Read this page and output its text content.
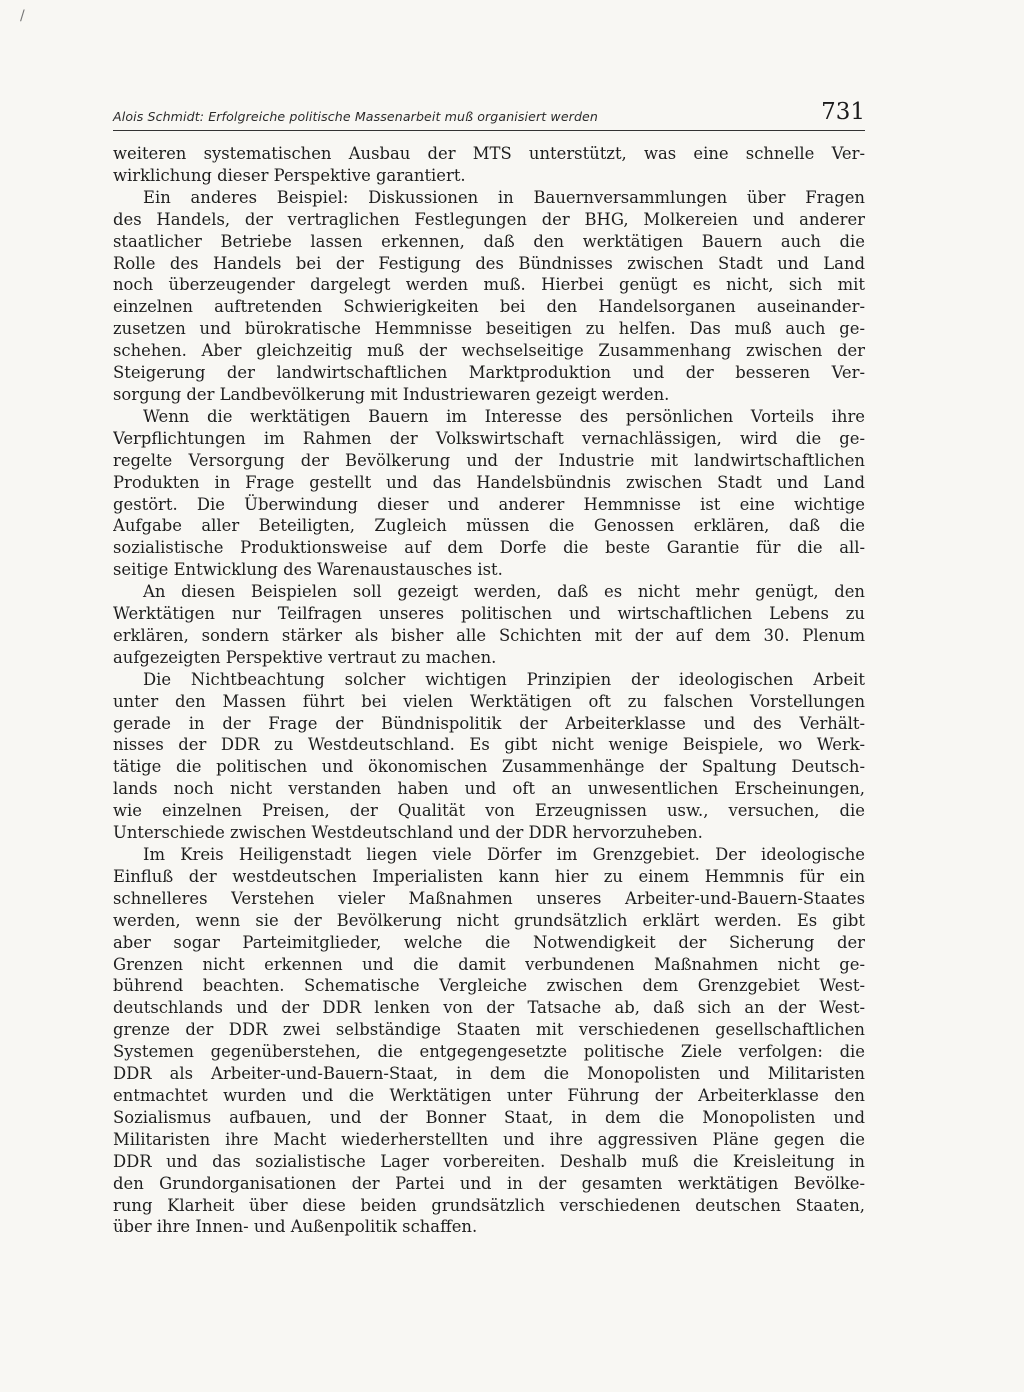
/
Alois Schmidt: Erfolgreiche politische Massenarbeit muß organisiert werden	731
weiteren systematischen Ausbau der MTS unterstützt, was eine schnelle Ver-
wirklichung dieser Perspektive garantiert.
Ein anderes Beispiel: Diskussionen in Bauernversammlungen über Fragen
des Handels, der vertraglichen Festlegungen der BHG, Molkereien und anderer
staatlicher Betriebe lassen erkennen, daß den werktätigen Bauern auch die
Rolle des Handels bei der Festigung des Bündnisses zwischen Stadt und Land
noch überzeugender dargelegt werden muß. Hierbei genügt es nicht, sich mit
einzelnen auftretenden Schwierigkeiten bei den Handelsorganen auseinander-
zusetzen und bürokratische Hemmnisse beseitigen zu helfen. Das muß auch ge-
schehen. Aber gleichzeitig muß der wechselseitige Zusammenhang zwischen der
Steigerung der landwirtschaftlichen Marktproduktion und der besseren Ver-
sorgung der Landbevölkerung mit Industriewaren gezeigt werden.
Wenn die werktätigen Bauern im Interesse des persönlichen Vorteils ihre
Verpflichtungen im Rahmen der Volkswirtschaft vernachlässigen, wird die ge-
regelte Versorgung der Bevölkerung und der Industrie mit landwirtschaftlichen
Produkten in Frage gestellt und das Handelsbündnis zwischen Stadt und Land
gestört. Die Überwindung dieser und anderer Hemmnisse ist eine wichtige
Aufgabe aller Beteiligten, Zugleich müssen die Genossen erklären, daß die
sozialistische Produktionsweise auf dem Dorfe die beste Garantie für die all-
seitige Entwicklung des Warenaustausches ist.
An diesen Beispielen soll gezeigt werden, daß es nicht mehr genügt, den
Werktätigen nur Teilfragen unseres politischen und wirtschaftlichen Lebens zu
erklären, sondern stärker als bisher alle Schichten mit der auf dem 30. Plenum
aufgezeigten Perspektive vertraut zu machen.
Die Nichtbeachtung solcher wichtigen Prinzipien der ideologischen Arbeit
unter den Massen führt bei vielen Werktätigen oft zu falschen Vorstellungen
gerade in der Frage der Bündnispolitik der Arbeiterklasse und des Verhält-
nisses der DDR zu Westdeutschland. Es gibt nicht wenige Beispiele, wo Werk-
tätige die politischen und ökonomischen Zusammenhänge der Spaltung Deutsch-
lands noch nicht verstanden haben und oft an unwesentlichen Erscheinungen,
wie einzelnen Preisen, der Qualität von Erzeugnissen usw., versuchen, die
Unterschiede zwischen Westdeutschland und der DDR hervorzuheben.
Im Kreis Heiligenstadt liegen viele Dörfer im Grenzgebiet. Der ideologische
Einfluß der westdeutschen Imperialisten kann hier zu einem Hemmnis für ein
schnelleres Verstehen vieler Maßnahmen unseres Arbeiter-und-Bauern-Staates
werden, wenn sie der Bevölkerung nicht grundsätzlich erklärt werden. Es gibt
aber sogar Parteimitglieder, welche die Notwendigkeit der Sicherung der
Grenzen nicht erkennen und die damit verbundenen Maßnahmen nicht ge-
bührend beachten. Schematische Vergleiche zwischen dem Grenzgebiet West-
deutschlands und der DDR lenken von der Tatsache ab, daß sich an der West-
grenze der DDR zwei selbständige Staaten mit verschiedenen gesellschaftlichen
Systemen gegenüberstehen, die entgegengesetzte politische Ziele verfolgen: die
DDR als Arbeiter-und-Bauern-Staat, in dem die Monopolisten und Militaristen
entmachtet wurden und die Werktätigen unter Führung der Arbeiterklasse den
Sozialismus aufbauen, und der Bonner Staat, in dem die Monopolisten und
Militaristen ihre Macht wiederherstellten und ihre aggressiven Pläne gegen die
DDR und das sozialistische Lager vorbereiten. Deshalb muß die Kreisleitung in
den Grundorganisationen der Partei und in der gesamten werktätigen Bevölke-
rung Klarheit über diese beiden grundsätzlich verschiedenen deutschen Staaten,
über ihre Innen- und Außenpolitik schaffen.
